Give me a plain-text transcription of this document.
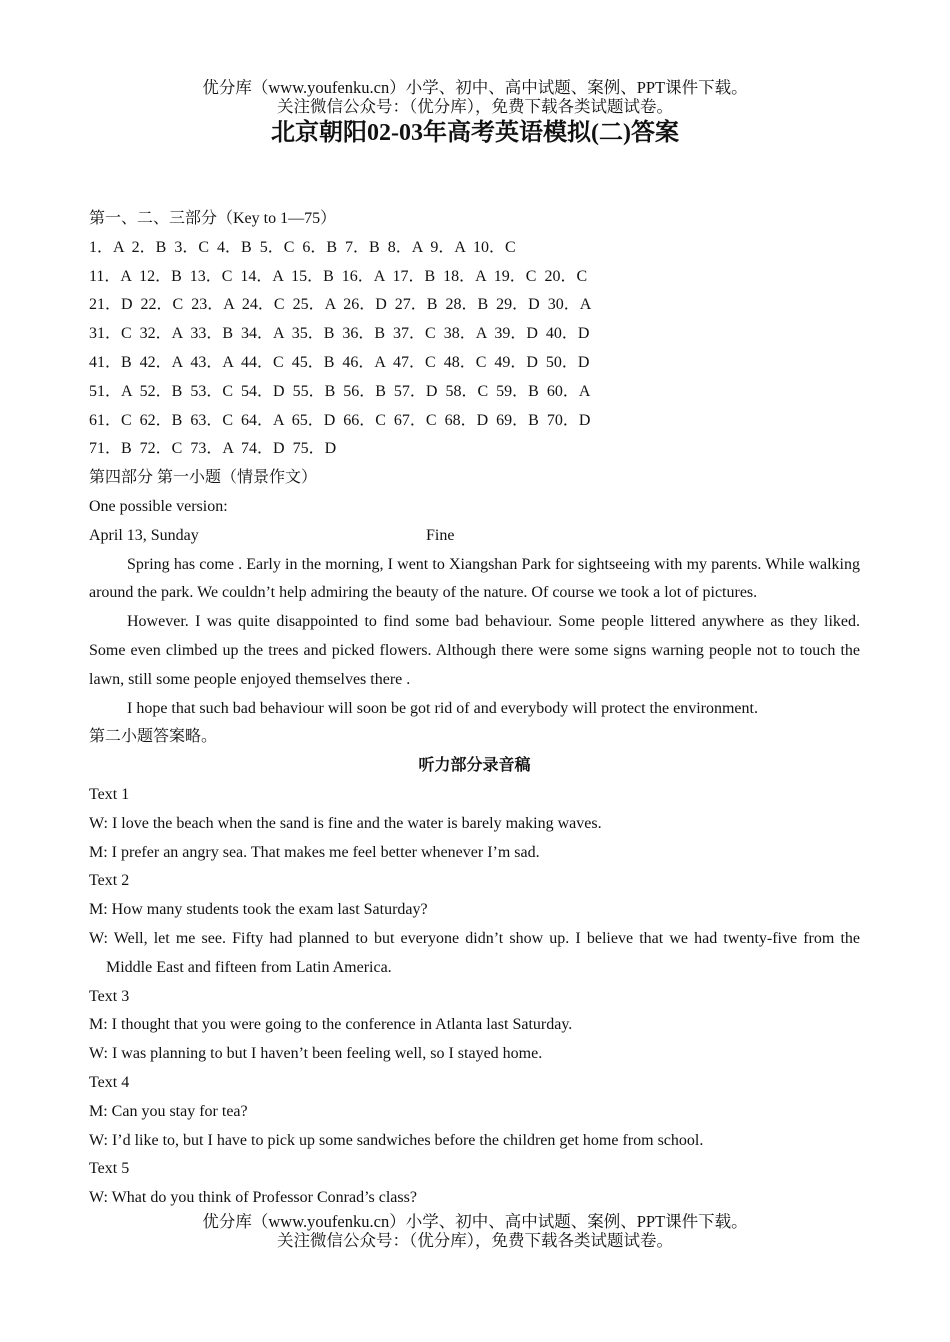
优分库（www.youfenku.cn）小学、初中、高中试题、案例、PPT课件下载。
关注微信公众号：（优分库），免费下载各类试题试卷。
北京朝阳02-03年高考英语模拟(二)答案
第一、二、三部分（Key to 1—75）
1．A  2．B  3．C  4．B  5．C  6．B  7．B  8．A  9．A  10．C
11．A  12．B  13．C  14．A  15．B  16．A  17．B  18．A  19．C  20．C
21．D  22．C  23．A  24．C  25．A  26．D  27．B  28．B  29．D  30．A
31．C  32．A  33．B  34．A  35．B  36．B  37．C  38．A  39．D  40．D
41．B  42．A  43．A  44．C  45．B  46．A  47．C  48．C  49．D  50．D
51．A  52．B  53．C  54．D  55．B  56．B  57．D  58．C  59．B  60．A
61．C  62．B  63．C  64．A  65．D  66．C  67．C  68．D  69．B  70．D
71．B  72．C  73．A  74．D  75．D
第四部分 第一小题（情景作文）
One possible version:
April 13, Sunday	Fine
Spring has come . Early in the morning, I went to Xiangshan Park for sightseeing with my parents. While walking around the park. We couldn’t help admiring the beauty of the nature. Of course we took a lot of pictures.
However. I was quite disappointed to find some bad behaviour. Some people littered anywhere as they liked. Some even climbed up the trees and picked flowers. Although there were some signs warning people not to touch the lawn, still some people enjoyed themselves there .
I hope that such bad behaviour will soon be got rid of and everybody will protect the environment.
第二小题答案略。
听力部分录音稿
Text 1
W: I love the beach when the sand is fine and the water is barely making waves.
M: I prefer an angry sea. That makes me feel better whenever I’m sad.
Text 2
M: How many students took the exam last Saturday?
W: Well, let me see. Fifty had planned to but everyone didn’t show up. I believe that we had twenty-five from the Middle East and fifteen from Latin America.
Text 3
M: I thought that you were going to the conference in Atlanta last Saturday.
W: I was planning to but I haven’t been feeling well, so I stayed home.
Text 4
M: Can you stay for tea?
W: I’d like to, but I have to pick up some sandwiches before the children get home from school.
Text 5
W: What do you think of Professor Conrad’s class?
优分库（www.youfenku.cn）小学、初中、高中试题、案例、PPT课件下载。
关注微信公众号：（优分库），免费下载各类试题试卷。
